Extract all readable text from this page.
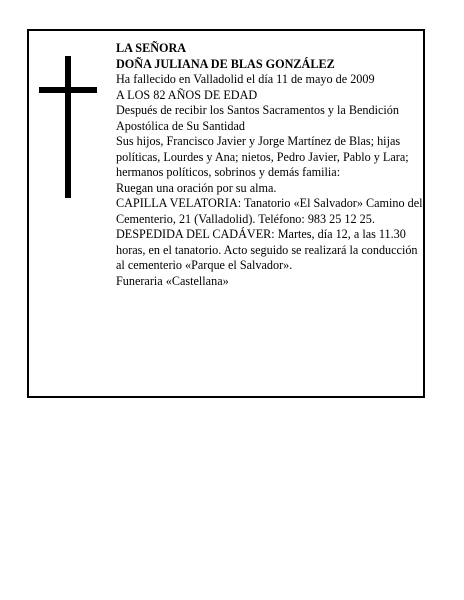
LA SEÑORA

DOÑA JULIANA DE BLAS GONZÁLEZ

Ha fallecido en Valladolid el día 11 de mayo de 2009

A LOS 82 AÑOS DE EDAD

Después de recibir los Santos Sacramentos y la Bendición Apostólica de Su Santidad

Sus hijos, Francisco Javier y Jorge Martínez de Blas; hijas políticas, Lourdes y Ana; nietos, Pedro Javier, Pablo y Lara; hermanos políticos, sobrinos y demás familia:

Ruegan una oración por su alma.

CAPILLA VELATORIA: Tanatorio «El Salvador» Camino del Cementerio, 21 (Valladolid). Teléfono: 983 25 12 25.

DESPEDIDA DEL CADÁVER: Martes, día 12, a las 11.30 horas, en el tanatorio. Acto seguido se realizará la conducción al cementerio «Parque el Salvador».

Funeraria «Castellana»
